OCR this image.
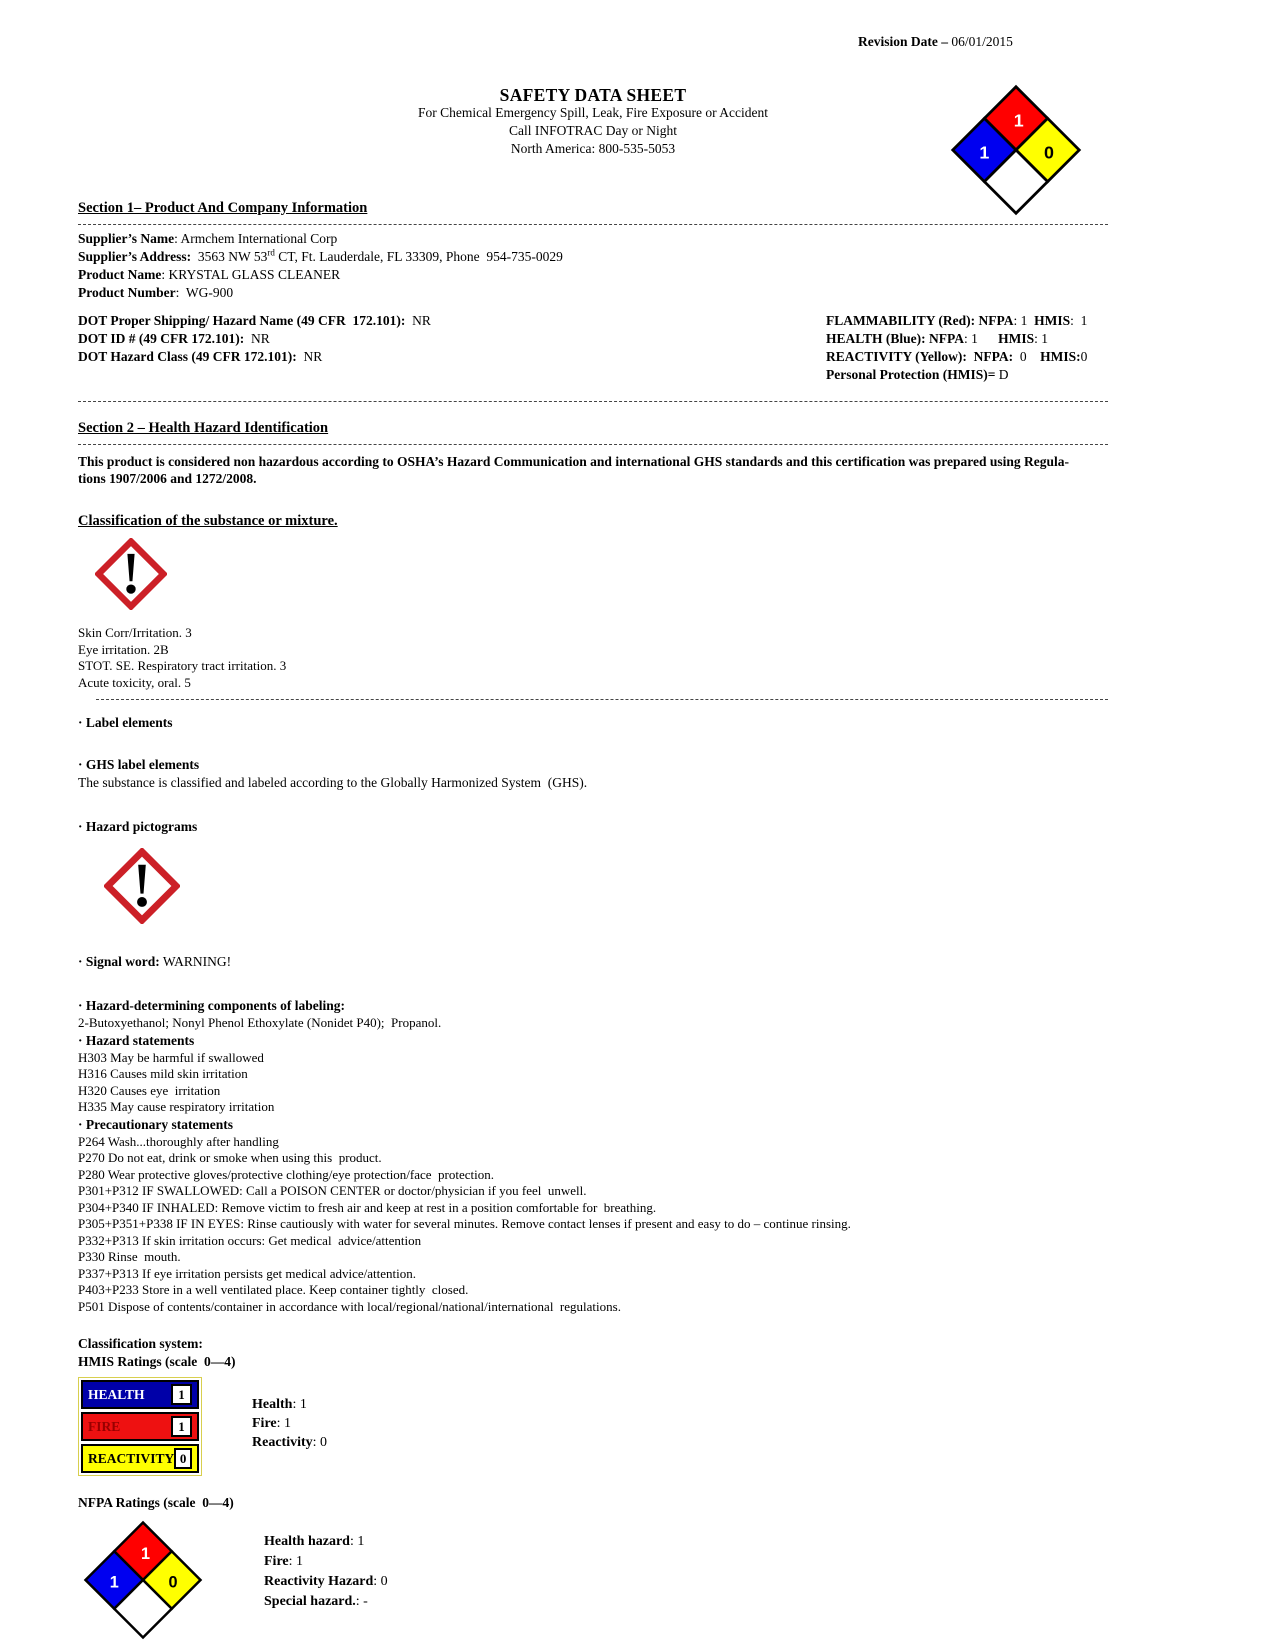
Revision Date – 06/01/2015
1
1	0
SAFETY DATA SHEET
For Chemical Emergency Spill, Leak, Fire Exposure or Accident
Call INFOTRAC Day or Night
North America: 800-535-5053
Section 1– Product And Company Information
Supplier’s Name: Armchem International Corp
Supplier’s Address:  3563 NW 53rd CT, Ft. Lauderdale, FL 33309, Phone  954-735-0029
Product Name: KRYSTAL GLASS CLEANER
Product Number:  WG-900
DOT Proper Shipping/ Hazard Name (49 CFR  172.101):  NR
DOT ID # (49 CFR 172.101):  NR
DOT Hazard Class (49 CFR 172.101):  NR
FLAMMABILITY (Red): NFPA: 1  HMIS:  1
HEALTH (Blue): NFPA: 1      HMIS: 1
REACTIVITY (Yellow):  NFPA:  0    HMIS:0
Personal Protection (HMIS)= D
Section 2 – Health Hazard Identification
This product is considered non hazardous according to OSHA’s Hazard Communication and international GHS standards and this certification was prepared using Regula-
tions 1907/2006 and 1272/2008.
Classification of the substance or mixture.
Skin Corr/Irritation. 3
Eye irritation. 2B
STOT. SE. Respiratory tract irritation. 3
Acute toxicity, oral. 5
· Label elements
· GHS label elements
The substance is classified and labeled according to the Globally Harmonized System  (GHS).
· Hazard pictograms
· Signal word: WARNING!
· Hazard-determining components of labeling:
2-Butoxyethanol; Nonyl Phenol Ethoxylate (Nonidet P40);  Propanol.
· Hazard statements
H303 May be harmful if swallowed
H316 Causes mild skin irritation
H320 Causes eye  irritation
H335 May cause respiratory irritation
· Precautionary statements
P264 Wash...thoroughly after handling
P270 Do not eat, drink or smoke when using this  product.
P280 Wear protective gloves/protective clothing/eye protection/face  protection.
P301+P312 IF SWALLOWED: Call a POISON CENTER or doctor/physician if you feel  unwell.
P304+P340 IF INHALED: Remove victim to fresh air and keep at rest in a position comfortable for  breathing.
P305+P351+P338 IF IN EYES: Rinse cautiously with water for several minutes. Remove contact lenses if present and easy to do – continue rinsing.
P332+P313 If skin irritation occurs: Get medical  advice/attention
P330 Rinse  mouth.
P337+P313 If eye irritation persists get medical advice/attention.
P403+P233 Store in a well ventilated place. Keep container tightly  closed.
P501 Dispose of contents/container in accordance with local/regional/national/international  regulations.
Classification system:
HMIS Ratings (scale  0—4)
HEALTH	1
FIRE	1
REACTIVITY 0
Health: 1
Fire: 1
Reactivity: 0
NFPA Ratings (scale  0—4)
1
1	0
Health hazard: 1
Fire: 1
Reactivity Hazard: 0
Special hazard.: -
